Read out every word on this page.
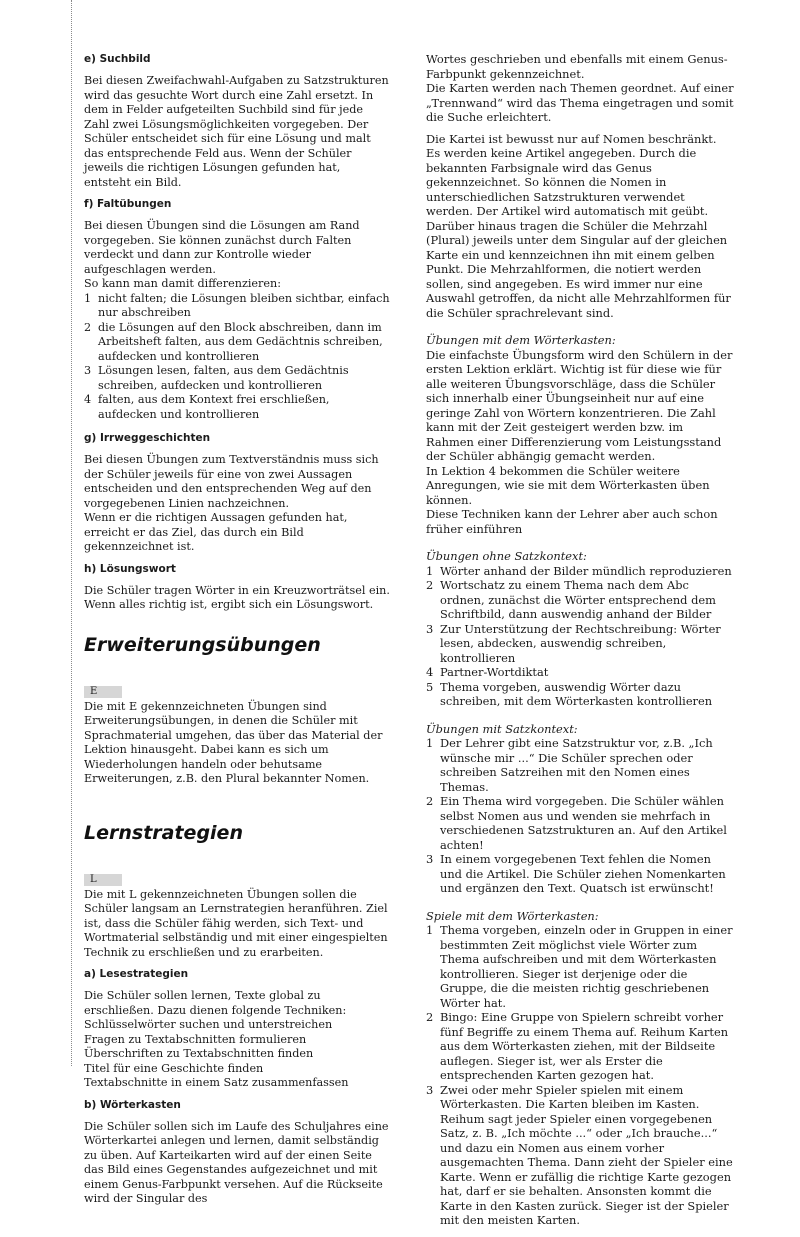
e) Suchbild

Bei diesen Zweifachwahl-Aufgaben zu Satzstrukturen wird das gesuchte Wort durch eine Zahl ersetzt. In dem in Felder aufgeteilten Suchbild sind für jede Zahl zwei Lösungsmöglichkeiten vorgegeben. Der Schüler entscheidet sich für eine Lösung und malt das entsprechende Feld aus. Wenn der Schüler jeweils die richtigen Lösungen gefunden hat, entsteht ein Bild.

f) Faltübungen

Bei diesen Übungen sind die Lösungen am Rand vorgegeben. Sie können zunächst durch Falten verdeckt und dann zur Kontrolle wieder aufgeschlagen werden.
So kann man damit differenzieren:

1 nicht falten; die Lösungen bleiben sichtbar, einfach nur abschreiben
2 die Lösungen auf den Block abschreiben, dann im Arbeitsheft falten, aus dem Gedächtnis schreiben, aufdecken und kontrollieren
3 Lösungen lesen, falten, aus dem Gedächtnis schreiben, aufdecken und kontrollieren
4 falten, aus dem Kontext frei erschließen, aufdecken und kontrollieren
g) Irrweggeschichten

Bei diesen Übungen zum Textverständnis muss sich der Schüler jeweils für eine von zwei Aussagen entscheiden und den entsprechenden Weg auf den vorgegebenen Linien nachzeichnen.
Wenn er die richtigen Aussagen gefunden hat, erreicht er das Ziel, das durch ein Bild gekennzeichnet ist.

h) Lösungswort

Die Schüler tragen Wörter in ein Kreuzworträtsel ein. Wenn alles richtig ist, ergibt sich ein Lösungswort.

Erweiterungsübungen

E
Die mit E gekennzeichneten Übungen sind Erweiterungsübungen, in denen die Schüler mit Sprachmaterial umgehen, das über das Material der Lektion hinausgeht. Dabei kann es sich um Wiederholungen handeln oder behutsame Erweiterungen, z.B. den Plural bekannter Nomen.

Lernstrategien

L
Die mit L gekennzeichneten Übungen sollen die Schüler langsam an Lernstrategien heranführen. Ziel ist, dass die Schüler fähig werden, sich Text- und Wortmaterial selbständig und mit einer eingespielten Technik zu erschließen und zu erarbeiten.

a) Lesestrategien

Die Schüler sollen lernen, Texte global zu erschließen. Dazu dienen folgende Techniken:

Schlüsselwörter suchen und unterstreichen
Fragen zu Textabschnitten formulieren
Überschriften zu Textabschnitten finden
Titel für eine Geschichte finden
Textabschnitte in einem Satz zusammenfassen
b) Wörterkasten

Die Schüler sollen sich im Laufe des Schuljahres eine Wörterkartei anlegen und lernen, damit selbständig zu üben. Auf Karteikarten wird auf der einen Seite das Bild eines Gegenstandes aufgezeichnet und mit einem Genus-Farbpunkt versehen. Auf die Rückseite wird der Singular des

Wortes geschrieben und ebenfalls mit einem Genus-Farbpunkt gekennzeichnet.
Die Karten werden nach Themen geordnet. Auf einer „Trennwand“ wird das Thema eingetragen und somit die Suche erleichtert.

Die Kartei ist bewusst nur auf Nomen beschränkt. Es werden keine Artikel angegeben. Durch die bekannten Farbsignale wird das Genus gekennzeichnet. So können die Nomen in unterschiedlichen Satzstrukturen verwendet werden. Der Artikel wird automatisch mit geübt.
Darüber hinaus tragen die Schüler die Mehrzahl (Plural) jeweils unter dem Singular auf der gleichen Karte ein und kennzeichnen ihn mit einem gelben Punkt. Die Mehrzahlformen, die notiert werden sollen, sind angegeben. Es wird immer nur eine Auswahl getroffen, da nicht alle Mehrzahlformen für die Schüler sprachrelevant sind.

Übungen mit dem Wörterkasten:

Die einfachste Übungsform wird den Schülern in der ersten Lektion erklärt. Wichtig ist für diese wie für alle weiteren Übungsvorschläge, dass die Schüler sich innerhalb einer Übungseinheit nur auf eine geringe Zahl von Wörtern konzentrieren. Die Zahl kann mit der Zeit gesteigert werden bzw. im Rahmen einer Differenzierung vom Leistungsstand der Schüler abhängig gemacht werden.
In Lektion 4 bekommen die Schüler weitere Anregungen, wie sie mit dem Wörterkasten üben können.
Diese Techniken kann der Lehrer aber auch schon früher einführen

Übungen ohne Satzkontext:

1 Wörter anhand der Bilder mündlich reproduzieren
2 Wortschatz zu einem Thema nach dem Abc ordnen, zunächst die Wörter entsprechend dem Schriftbild, dann auswendig anhand der Bilder
3 Zur Unterstützung der Rechtschreibung: Wörter lesen, abdecken, auswendig schreiben, kontrollieren
4 Partner-Wortdiktat
5 Thema vorgeben, auswendig Wörter dazu schreiben, mit dem Wörterkasten kontrollieren

Übungen mit Satzkontext:

1 Der Lehrer gibt eine Satzstruktur vor, z.B. „Ich wünsche mir ...“ Die Schüler sprechen oder schreiben Satzreihen mit den Nomen eines Themas.
2 Ein Thema wird vorgegeben. Die Schüler wählen selbst Nomen aus und wenden sie mehrfach in verschiedenen Satzstrukturen an. Auf den Artikel achten!
3 In einem vorgegebenen Text fehlen die Nomen und die Artikel. Die Schüler ziehen Nomenkarten und ergänzen den Text. Quatsch ist erwünscht!

Spiele mit dem Wörterkasten:

1 Thema vorgeben, einzeln oder in Gruppen in einer bestimmten Zeit möglichst viele Wörter zum Thema aufschreiben und mit dem Wörterkasten kontrollieren. Sieger ist derjenige oder die Gruppe, die die meisten richtig geschriebenen Wörter hat.
2 Bingo: Eine Gruppe von Spielern schreibt vorher fünf Begriffe zu einem Thema auf. Reihum Karten aus dem Wörterkasten ziehen, mit der Bildseite auflegen. Sieger ist, wer als Erster die entsprechenden Karten gezogen hat.
3 Zwei oder mehr Spieler spielen mit einem Wörterkasten. Die Karten bleiben im Kasten. Reihum sagt jeder Spieler einen vorgegebenen Satz, z. B. „Ich möchte ...“ oder „Ich brauche...“ und dazu ein Nomen aus einem vorher ausgemachten Thema. Dann zieht der Spieler eine Karte. Wenn er zufällig die richtige Karte gezogen hat, darf er sie behalten. Ansonsten kommt die Karte in den Kasten zurück. Sieger ist der Spieler mit den meisten Karten.
